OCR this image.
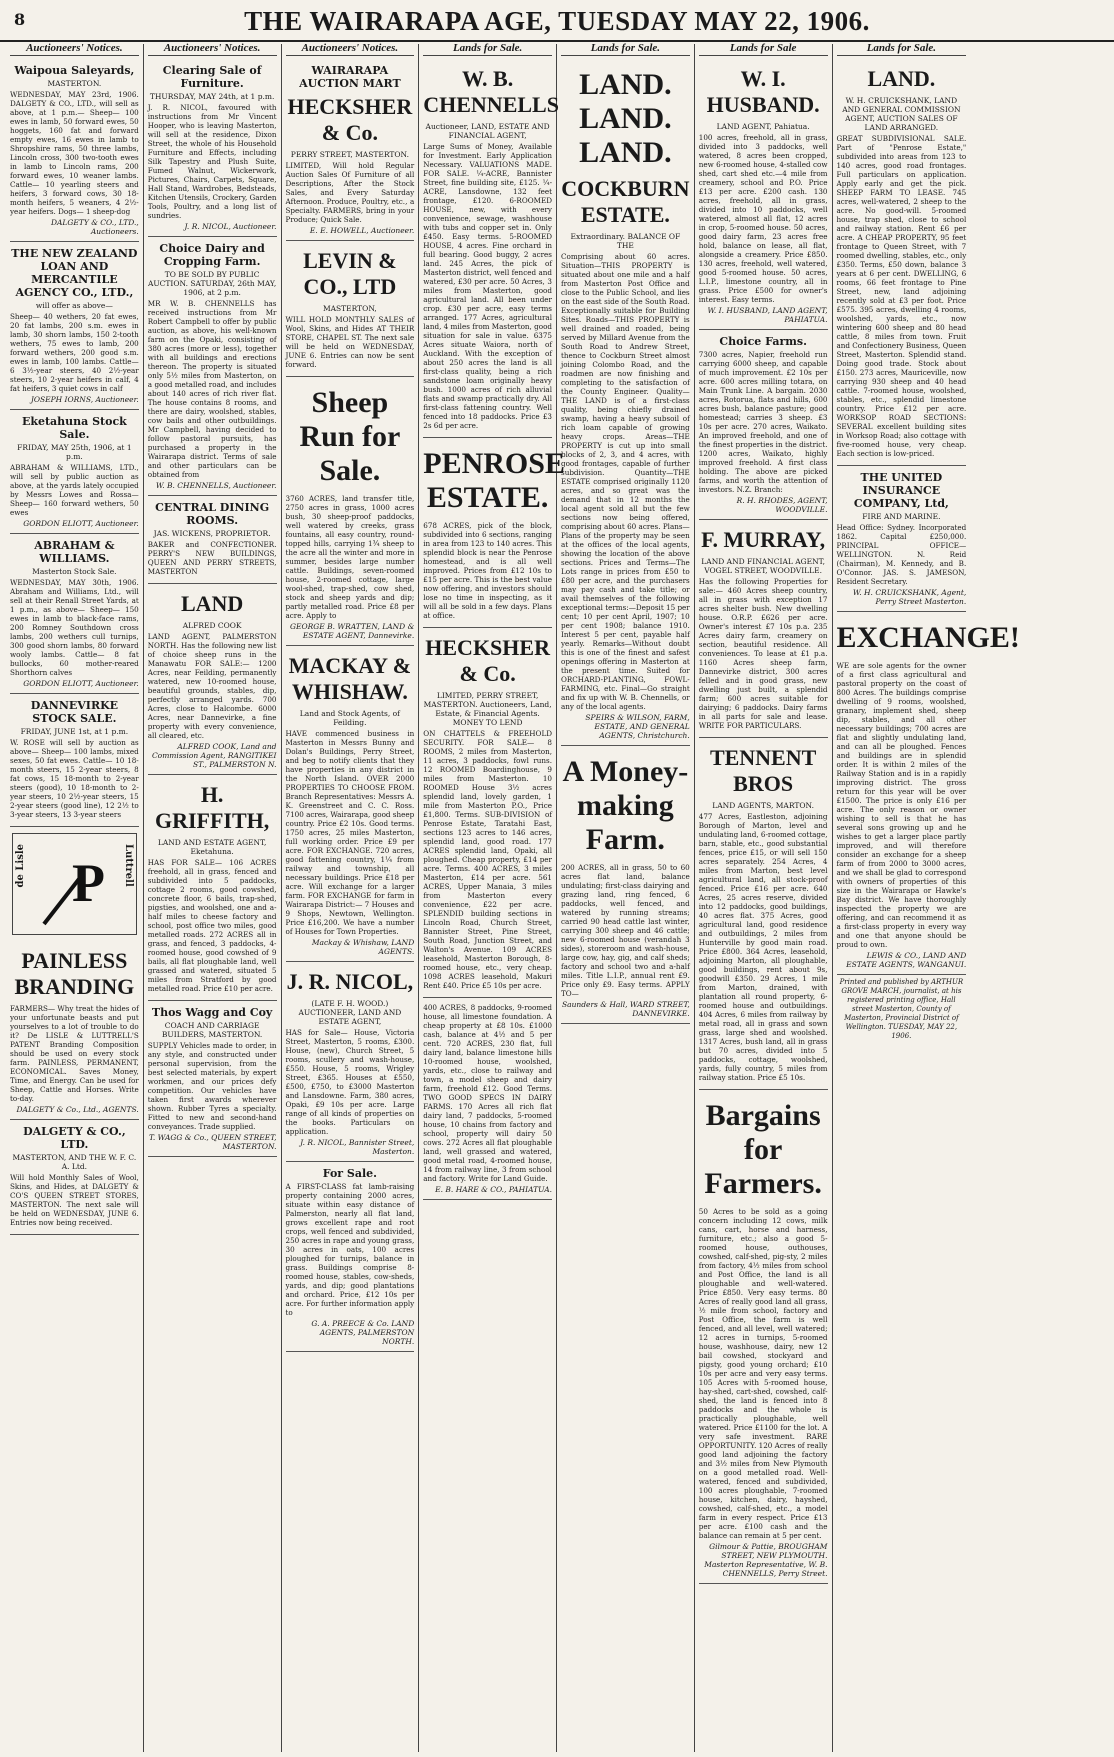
8	THE WAIRARAPA AGE, TUESDAY MAY 22, 1906.
Auctioneers' Notices.
Waipoua Saleyards,
MASTERTON.
WEDNESDAY, MAY 23rd, 1906. DALGETY & CO., LTD., will sell as above, at 1 p.m.— Sheep— 100 ewes in lamb, 50 forward ewes, 50 hoggets, 160 fat and forward empty ewes, 16 ewes in lamb to Shropshire rams, 50 three lambs, Lincoln cross, 300 two-tooth ewes in lamb to Lincoln rams, 200 forward ewes, 10 weaner lambs. Cattle— 10 yearling steers and heifers, 3 forward cows, 30 18-month heifers, 5 weaners, 4 2½-year heifers. Dogs— 1 sheep-dog
DALGETY & CO., LTD., Auctioneers.
THE NEW ZEALAND LOAN AND MERCANTILE AGENCY CO., LTD.,
will offer as above—
Sheep— 40 wethers, 20 fat ewes, 20 fat lambs, 200 s.m. ewes in lamb, 30 shorn lambs, 150 2-tooth wethers, 75 ewes to lamb, 200 forward wethers, 200 good s.m. ewes in lamb, 100 lambs. Cattle— 6 3½-year steers, 40 2½-year steers, 10 2-year heifers in calf, 4 fat heifers, 3 quiet cows in calf
JOSEPH IORNS, Auctioneer.
Eketahuna Stock Sale.
FRIDAY, MAY 25th, 1906, at 1 p.m.
ABRAHAM & WILLIAMS, LTD., will sell by public auction as above, at the yards lately occupied by Messrs Lowes and Rossa— Sheep— 160 forward wethers, 50 ewes
GORDON ELIOTT, Auctioneer.
ABRAHAM & WILLIAMS.
Masterton Stock Sale.
WEDNESDAY, MAY 30th, 1906. Abraham and Williams, Ltd., will sell at their Renall Street Yards, at 1 p.m., as above— Sheep— 150 ewes in lamb to black-face rams, 200 Romney Southdown cross lambs, 200 wethers cull turnips, 300 good shorn lambs, 80 forward wooly lambs. Cattle— 8 fat bullocks, 60 mother-reared Shorthorn calves
GORDON ELIOTT, Auctioneer.
DANNEVIRKE STOCK SALE.
FRIDAY, JUNE 1st, at 1 p.m.
W. ROSE will sell by auction as above— Sheep— 100 lambs, mixed sexes, 50 fat ewes. Cattle— 10 18-month steers, 15 2-year steers, 8 fat cows, 15 18-month to 2-year steers (good), 10 18-month to 2-year steers, 10 2½-year steers, 15 2-year steers (good line), 12 2½ to 3-year steers, 13 3-year steers
de Lisle	Luttrell
P
PAINLESS BRANDING
FARMERS— Why treat the hides of your unfortunate beasts and put yourselves to a lot of trouble to do it? De LISLE & LUTTRELL'S PATENT Branding Composition should be used on every stock farm. PAINLESS, PERMANENT, ECONOMICAL. Saves Money, Time, and Energy. Can be used for Sheep, Cattle and Horses. Write to-day.
DALGETY & Co., Ltd., AGENTS.
DALGETY & CO., LTD.
MASTERTON, AND THE W. F. C. A. Ltd.
Will hold Monthly Sales of Wool, Skins, and Hides, at DALGETY & CO'S QUEEN STREET STORES, MASTERTON. The next sale will be held on WEDNESDAY, JUNE 6. Entries now being received.
Auctioneers' Notices.
Clearing Sale of Furniture.
THURSDAY, MAY 24th, at 1 p.m.
J. R. NICOL, favoured with instructions from Mr Vincent Hooper, who is leaving Masterton, will sell at the residence, Dixon Street, the whole of his Household Furniture and Effects, including Silk Tapestry and Plush Suite, Fumed Walnut, Wickerwork, Pictures, Chairs, Carpets, Square, Hall Stand, Wardrobes, Bedsteads, Kitchen Utensils, Crockery, Garden Tools, Poultry, and a long list of sundries.
J. R. NICOL, Auctioneer.
Choice Dairy and Cropping Farm.
TO BE SOLD BY PUBLIC AUCTION. SATURDAY, 26th MAY, 1906, at 2 p.m.
MR W. B. CHENNELLS has received instructions from Mr Robert Campbell to offer by public auction, as above, his well-known farm on the Opaki, consisting of 380 acres (more or less), together with all buildings and erections thereon. The property is situated only 5½ miles from Masterton, on a good metalled road, and includes about 140 acres of rich river flat. The house contains 8 rooms, and there are dairy, woolshed, stables, cow bails and other outbuildings. Mr Campbell, having decided to follow pastoral pursuits, has purchased a property in the Wairarapa district. Terms of sale and other particulars can be obtained from
W. B. CHENNELLS, Auctioneer.
CENTRAL DINING ROOMS.
JAS. WICKENS, PROPRIETOR.
BAKER and CONFECTIONER. PERRY'S NEW BUILDINGS, QUEEN AND PERRY STREETS, MASTERTON
LAND
ALFRED COOK
LAND AGENT, PALMERSTON NORTH. Has the following new list of choice sheep runs in the Manawatu FOR SALE:— 1200 Acres, near Feilding, permanently watered, new 10-roomed house, beautiful grounds, stables, dip, perfectly arranged yards. 700 Acres, close to Halcombe. 6000 Acres, near Dannevirke, a fine property with every convenience, all cleared, etc.
ALFRED COOK, Land and Commission Agent, RANGITIKEI ST., PALMERSTON N.
H. GRIFFITH,
LAND AND ESTATE AGENT, Eketahuna.
HAS FOR SALE— 106 ACRES freehold, all in grass, fenced and subdivided into 5 paddocks, cottage 2 rooms, good cowshed, concrete floor, 6 bails, trap-shed, pigsties, and woolshed, one and a-half miles to cheese factory and school, post office two miles, good metalled roads. 272 ACRES all in grass, and fenced, 3 paddocks, 4-roomed house, good cowshed of 9 bails, all flat ploughable land, well grassed and watered, situated 5 miles from Stratford by good metalled road. Price £10 per acre.
Thos Wagg and Coy
COACH AND CARRIAGE BUILDERS, MASTERTON.
SUPPLY Vehicles made to order, in any style, and constructed under personal supervision, from the best selected materials, by expert workmen, and our prices defy competition. Our vehicles have taken first awards wherever shown. Rubber Tyres a specialty. Fitted to new and second-hand conveyances. Trade supplied.
T. WAGG & Co., QUEEN STREET, MASTERTON.
Auctioneers' Notices.
WAIRARAPA AUCTION MART
HECKSHER & Co.
PERRY STREET, MASTERTON.
LIMITED, Will hold Regular Auction Sales Of Furniture of all Descriptions, After the Stock Sales, and Every Saturday Afternoon. Produce, Poultry, etc., a Specialty. FARMERS, bring in your Produce; Quick Sale.
E. E. HOWELL, Auctioneer.
LEVIN & CO., LTD
MASTERTON,
WILL HOLD MONTHLY SALES of Wool, Skins, and Hides AT THEIR STORE, CHAPEL ST. The next sale will be held on WEDNESDAY, JUNE 6. Entries can now be sent forward.
Sheep Run for Sale.
3760 ACRES, land transfer title, 2750 acres in grass, 1000 acres bush, 30 sheep-proof paddocks, well watered by creeks, grass fountains, all easy country, round-topped hills, carrying 1¾ sheep to the acre all the winter and more in summer, besides large number cattle. Buildings, seven-roomed house, 2-roomed cottage, large wool-shed, trap-shed, cow shed, stock and sheep yards and dip; partly metalled road. Price £8 per acre. Apply to
GEORGE B. WRATTEN, LAND & ESTATE AGENT, Dannevirke.
MACKAY & WHISHAW.
Land and Stock Agents, of Feilding.
HAVE commenced business in Masterton in Messrs Bunny and Dolan's Buildings, Perry Street, and beg to notify clients that they have properties in any district in the North Island. OVER 2000 PROPERTIES TO CHOOSE FROM. Branch Representatives: Messrs A. K. Greenstreet and C. C. Ross. 7100 acres, Wairarapa, good sheep country. Price £2 10s. Good terms. 1750 acres, 25 miles Masterton, full working order. Price £9 per acre. FOR EXCHANGE. 720 acres, good fattening country, 1¼ from railway and township, all necessary buildings. Price £18 per acre. Will exchange for a larger farm. FOR EXCHANGE for farm in Wairarapa District:— 7 Houses and 9 Shops, Newtown, Wellington. Price £16,200. We have a number of Houses for Town Properties.
Mackay & Whishaw, LAND AGENTS.
J. R. NICOL,
(LATE F. H. WOOD.) AUCTIONEER, LAND AND ESTATE AGENT,
HAS for Sale— House, Victoria Street, Masterton, 5 rooms, £300. House, (new), Church Street, 5 rooms, scullery and wash-house, £550. House, 5 rooms, Wrigley Street, £365. Houses at £550, £500, £750, to £3000 Masterton and Lansdowne. Farm, 380 acres, Opaki, £9 10s per acre. Large range of all kinds of properties on the books. Particulars on application.
J. R. NICOL, Bannister Street, Masterton.
For Sale.
A FIRST-CLASS fat lamb-raising property containing 2000 acres, situate within easy distance of Palmerston, nearly all flat land, grows excellent rape and root crops, well fenced and subdivided, 250 acres in rape and young grass, 30 acres in oats, 100 acres ploughed for turnips, balance in grass. Buildings comprise 8-roomed house, stables, cow-sheds, yards, and dip; good plantations and orchard. Price, £12 10s per acre. For further information apply to
G. A. PREECE & Co. LAND AGENTS, PALMERSTON NORTH.
Lands for Sale.
W. B. CHENNELLS
Auctioneer, LAND, ESTATE AND FINANCIAL AGENT,
Large Sums of Money, Available for Investment. Early Application Necessary. VALUATIONS MADE. FOR SALE. ¼-ACRE, Bannister Street, fine building site, £125. ¼-ACRE, Lansdowne, 132 feet frontage, £120. 6-ROOMED HOUSE, new, with every convenience, sewage, washhouse with tubs and copper set in. Only £450. Easy terms. 5-ROOMED HOUSE, 4 acres. Fine orchard in full bearing. Good buggy, 2 acres land. 245 Acres, the pick of Masterton district, well fenced and watered, £30 per acre. 50 Acres, 3 miles from Masterton, good agricultural land. All been under crop. £30 per acre, easy terms arranged. 177 Acres, agricultural land, 4 miles from Masterton, good situation for sale in value. 6375 Acres situate Waiora, north of Auckland. With the exception of about 250 acres the land is all first-class quality, being a rich sandstone loam originally heavy bush. 1000 acres of rich alluvial flats and swamp practically dry. All first-class fattening country. Well fenced into 18 paddocks. Price £3 2s 6d per acre.
PENROSE ESTATE.
678 ACRES, pick of the block, subdivided into 6 sections, ranging in area from 123 to 140 acres. This splendid block is near the Penrose homestead, and is all well improved. Prices from £12 10s to £15 per acre. This is the best value now offering, and investors should lose no time in inspecting, as it will all be sold in a few days. Plans at office.
HECKSHER & Co.
LIMITED, PERRY STREET, MASTERTON. Auctioneers, Land, Estate, & Financial Agents. MONEY TO LEND
ON CHATTELS & FREEHOLD SECURITY. FOR SALE— 8 ROOMS, 2 miles from Masterton, 11 acres, 3 paddocks, fowl runs. 12 ROOMED Boardinghouse, 9 miles from Masterton. 10 ROOMED House 3½ acres splendid land, lovely garden, 1 mile from Masterton P.O., Price £1,800. Terms. SUB-DIVISION of Penrose Estate, Taratahi East, sections 123 acres to 146 acres, splendid land, good road. 177 ACRES splendid land, Opaki, all ploughed. Cheap property, £14 per acre. Terms. 400 ACRES, 3 miles Masterton, £14 per acre. 561 ACRES, Upper Manaia, 3 miles from Masterton every convenience, £22 per acre. SPLENDID building sections in Lincoln Road, Church Street, Bannister Street, Pine Street, South Road, Junction Street, and Walton's Avenue. 109 ACRES leasehold, Masterton Borough, 8-roomed house, etc., very cheap. 1098 ACRES leasehold, Makuri Rent £40. Price £5 10s per acre.
400 ACRES, 8 paddocks, 9-roomed house, all limestone foundation. A cheap property at £8 10s. £1000 cash, balance at 4½ and 5 per cent. 720 ACRES, 230 flat, full dairy land, balance limestone hills 10-roomed house, woolshed, yards, etc., close to railway and town, a model sheep and dairy farm, freehold £12. Good Terms. TWO GOOD SPECS IN DAIRY FARMS. 170 Acres all rich flat dairy land, 7 paddocks, 5-roomed house, 10 chains from factory and school, property will dairy 50 cows. 272 Acres all flat ploughable land, well grassed and watered, good metal road, 4-roomed house, 14 from railway line, 3 from school and factory. Write for Land Guide.
E. B. HARE & CO., PAHIATUA.
Lands for Sale.
LAND. LAND. LAND.
COCKBURN ESTATE.
Extraordinary. BALANCE OF THE
Comprising about 60 acres. Situation—THIS PROPERTY is situated about one mile and a half from Masterton Post Office and close to the Public School, and lies on the east side of the South Road. Exceptionally suitable for Building Sites. Roads—THIS PROPERTY is well drained and roaded, being served by Millard Avenue from the South Road to Andrew Street, thence to Cockburn Street almost joining Colombo Road, and the roadmen are now finishing and completing to the satisfaction of the County Engineer. Quality—THE LAND is of a first-class quality, being chiefly drained swamp, having a heavy subsoil of rich loam capable of growing heavy crops. Areas—THE PROPERTY is cut up into small blocks of 2, 3, and 4 acres, with good frontages, capable of further subdivision. Quantity—THE ESTATE comprised originally 1120 acres, and so great was the demand that in 12 months the local agent sold all but the few sections now being offered, comprising about 60 acres. Plans—Plans of the property may be seen at the offices of the local agents, showing the location of the above sections. Prices and Terms—The Lots range in prices from £50 to £80 per acre, and the purchasers may pay cash and take title; or avail themselves of the following exceptional terms:—Deposit 15 per cent; 10 per cent April, 1907; 10 per cent 1908; balance 1910. Interest 5 per cent, payable half yearly. Remarks—Without doubt this is one of the finest and safest openings offering in Masterton at the present time. Suited for ORCHARD-PLANTING, FOWL-FARMING, etc. Final—Go straight and fix up with W. B. Chennells, or any of the local agents.
SPEIRS & WILSON, FARM, ESTATE, AND GENERAL AGENTS, Christchurch.
A Money-making Farm.
200 ACRES, all in grass, 50 to 60 acres flat land, balance undulating; first-class dairying and grazing land, ring fenced, 6 paddocks, well fenced, and watered by running streams; carried 90 head cattle last winter, carrying 300 sheep and 46 cattle; new 6-roomed house (verandah 3 sides), storeroom and wash-house, large cow, hay, gig, and calf sheds; factory and school two and a-half miles. Title L.I.P., annual rent £9. Price only £9. Easy terms. APPLY TO—
Saunders & Hall, WARD STREET, DANNEVIRKE.
Lands for Sale
W. I. HUSBAND.
LAND AGENT, Pahiatua.
100 acres, freehold, all in grass, divided into 3 paddocks, well watered, 8 acres been cropped, new 6-roomed house, 4-stalled cow shed, cart shed etc.—4 mile from creamery, school and P.O. Price £13 per acre. £200 cash. 130 acres, freehold, all in grass, divided into 10 paddocks, well watered, almost all flat, 12 acres in crop, 5-roomed house. 50 acres, good dairy farm, 23 acres free hold, balance on lease, all flat, alongside a creamery. Price £850. 130 acres, freehold, well watered, good 5-roomed house. 50 acres, L.I.P., limestone country, all in grass. Price £500 for owner's interest. Easy terms.
W. I. HUSBAND, LAND AGENT, PAHIATUA.
Choice Farms.
7300 acres, Napier, freehold run carrying 6000 sheep, and capable of much improvement. £2 10s per acre. 600 acres milling totara, on Main Trunk Line. A bargain. 2030 acres, Rotorua, flats and hills, 600 acres bush, balance pasture; good homestead; carries 3 sheep. £3 10s per acre. 270 acres, Waikato. An improved freehold, and one of the finest properties in the district. 1200 acres, Waikato, highly improved freehold. A first class holding. The above are picked farms, and worth the attention of investors. N.Z. Branch:
R. H. RHODES, AGENT, WOODVILLE.
F. MURRAY,
LAND AND FINANCIAL AGENT, VOGEL STREET, WOODVILLE.
Has the following Properties for sale:— 460 Acres sheep country, all in grass with exception 17 acres shelter bush. New dwelling house. O.R.P. £626 per acre. Owner's interest £7 10s p.a. 235 Acres dairy farm, creamery on section, beautiful residence. All conveniences. To lease at £1 p.a. 1160 Acres sheep farm, Dannevirke district, 300 acres felled and in good grass, new dwelling just built, a splendid farm; 600 acres suitable for dairying; 6 paddocks. Dairy farms in all parts for sale and lease. WRITE FOR PARTICULARS.
TENNENT BROS
LAND AGENTS, MARTON.
477 Acres, Eastleston, adjoining Borough of Marton, level and undulating land, 6-roomed cottage, barn, stable, etc., good substantial fences, price £15, or will sell 150 acres separately. 254 Acres, 4 miles from Marton, best level agricultural land, all stock-proof fenced. Price £16 per acre. 640 Acres, 25 acres reserve, divided into 12 paddocks, good buildings, 40 acres flat. 375 Acres, good agricultural land, good residence and outbuildings, 2 miles from Hunterville by good main road. Price £800. 364 Acres, leasehold, adjoining Marton, all ploughable, good buildings, rent about 9s, goodwill £350. 29 Acres, 1 mile from Marton, drained, with plantation all round property, 6-roomed house and outbuildings. 404 Acres, 6 miles from railway by metal road, all in grass and sown grass, large shed and woolshed. 1317 Acres, bush land, all in grass but 70 acres, divided into 5 paddocks, cottage, woolshed, yards, fully country, 5 miles from railway station. Price £5 10s.
Bargains for Farmers.
50 Acres to be sold as a going concern including 12 cows, milk cans, cart, horse and harness, furniture, etc.; also a good 5-roomed house, outhouses, cowshed, calf-shed, pig-sty, 2 miles from factory, 4½ miles from school and Post Office, the land is all ploughable and well-watered. Price £850. Very easy terms. 80 Acres of really good land all grass, ½ mile from school, factory and Post Office, the farm is well fenced, and all level, well watered; 12 acres in turnips, 5-roomed house, washhouse, dairy, new 12 bail cowshed, stockyard and pigsty, good young orchard; £10 10s per acre and very easy terms. 105 Acres with 5-roomed house, hay-shed, cart-shed, cowshed, calf-shed, the land is fenced into 8 paddocks and the whole is practically ploughable, well watered. Price £1100 for the lot. A very safe investment. RARE OPPORTUNITY. 120 Acres of really good land adjoining the factory and 3½ miles from New Plymouth on a good metalled road. Well-watered, fenced and subdivided, 100 acres ploughable, 7-roomed house, kitchen, dairy, hayshed, cowshed, calf-shed, etc., a model farm in every respect. Price £13 per acre. £100 cash and the balance can remain at 5 per cent.
Gilmour & Pattie, BROUGHAM STREET, NEW PLYMOUTH. Masterton Representative, W. B. CHENNELLS, Perry Street.
Lands for Sale.
LAND.
W. H. CRUICKSHANK, LAND AND GENERAL COMMISSION AGENT, AUCTION SALES OF LAND ARRANGED.
GREAT SUBDIVISIONAL SALE. Part of "Penrose Estate," subdivided into areas from 123 to 140 acres, good road frontages. Full particulars on application. Apply early and get the pick. SHEEP FARM TO LEASE. 745 acres, well-watered, 2 sheep to the acre. No good-will. 5-roomed house, trap shed, close to school and railway station. Rent £6 per acre. A CHEAP PROPERTY, 95 feet frontage to Queen Street, with 7 roomed dwelling, stables, etc., only £350. Terms, £50 down, balance 3 years at 6 per cent. DWELLING, 6 rooms, 66 feet frontage to Pine Street, new, land adjoining recently sold at £3 per foot. Price £575. 395 acres, dwelling 4 rooms, woolshed, yards, etc., now wintering 600 sheep and 80 head cattle, 8 miles from town. Fruit and Confectionery Business, Queen Street, Masterton. Splendid stand. Doing good trade. Stock about £150. 273 acres, Mauriceville, now carrying 930 sheep and 40 head cattle. 7-roomed house, woolshed, stables, etc., splendid limestone country. Price £12 per acre. WORKSOP ROAD SECTIONS: SEVERAL excellent building sites in Worksop Road; also cottage with five-roomed house, very cheap. Each section is low-priced.
THE UNITED INSURANCE COMPANY, Ltd,
FIRE AND MARINE.
Head Office: Sydney. Incorporated 1862. Capital £250,000. PRINCIPAL OFFICE—WELLINGTON. N. Reid (Chairman), M. Kennedy, and B. O'Connor. JAS. S. JAMESON, Resident Secretary.
W. H. CRUICKSHANK, Agent, Perry Street Masterton.
EXCHANGE!
WE are sole agents for the owner of a first class agricultural and pastoral property on the coast of 800 Acres. The buildings comprise dwelling of 9 rooms, woolshed, granary, implement shed, sheep dip, stables, and all other necessary buildings; 700 acres are flat and slightly undulating land, and can all be ploughed. Fences and buildings are in splendid order. It is within 2 miles of the Railway Station and is in a rapidly improving district. The gross return for this year will be over £1500. The price is only £16 per acre. The only reason or owner wishing to sell is that he has several sons growing up and he wishes to get a larger place partly improved, and will therefore consider an exchange for a sheep farm of from 2000 to 3000 acres, and we shall be glad to correspond with owners of properties of this size in the Wairarapa or Hawke's Bay district. We have thoroughly inspected the property we are offering, and can recommend it as a first-class property in every way and one that anyone should be proud to own.
LEWIS & CO., LAND AND ESTATE AGENTS, WANGANUI.
Printed and published by ARTHUR GROVE MARCH, journalist, at his registered printing office, Hall street Masterton, County of Masterton, Provincial District of Wellington. TUESDAY, MAY 22, 1906.
